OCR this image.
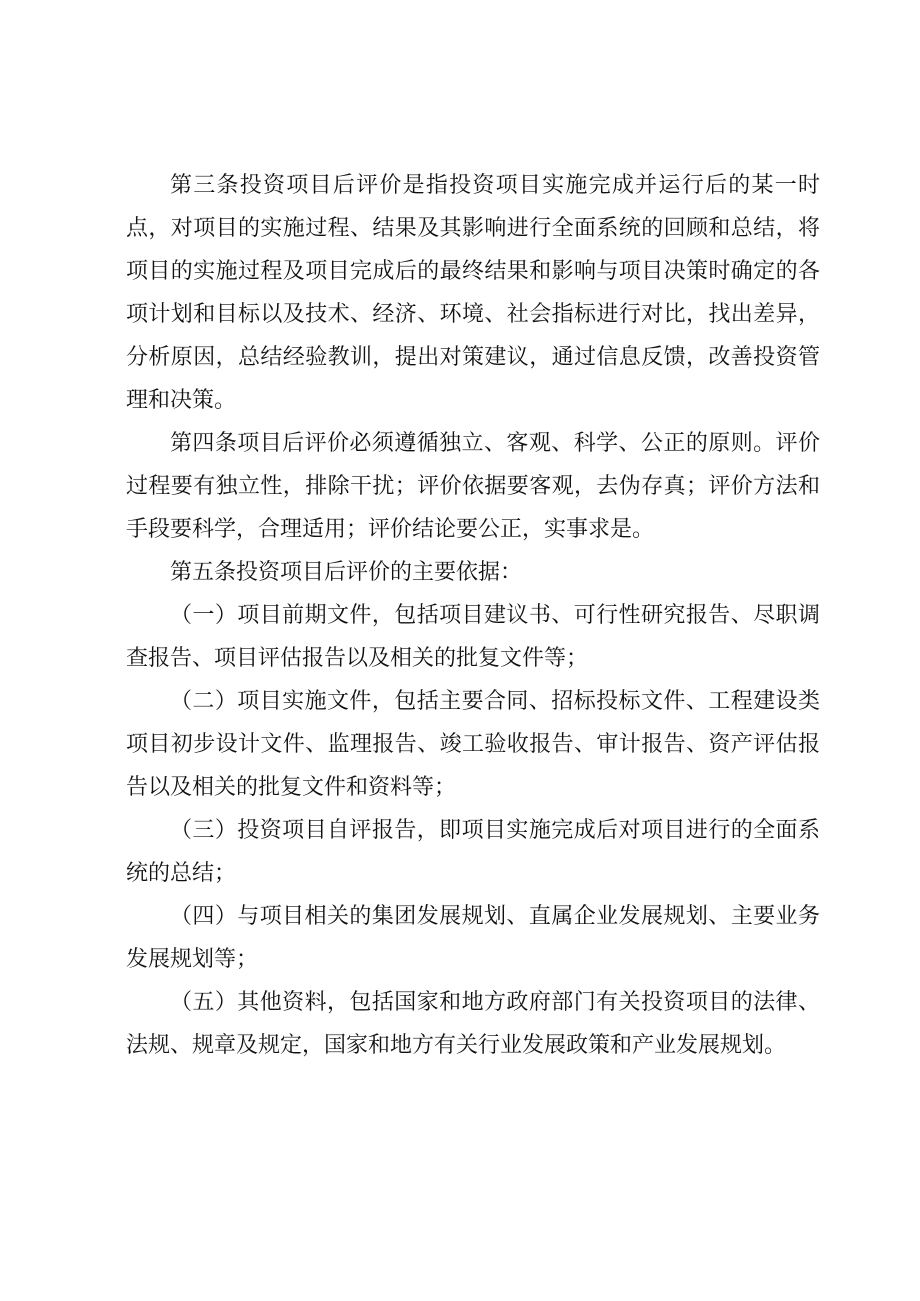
第三条投资项目后评价是指投资项目实施完成并运行后的某一时点，对项目的实施过程、结果及其影响进行全面系统的回顾和总结，将项目的实施过程及项目完成后的最终结果和影响与项目决策时确定的各项计划和目标以及技术、经济、环境、社会指标进行对比，找出差异，分析原因，总结经验教训，提出对策建议，通过信息反馈，改善投资管理和决策。

第四条项目后评价必须遵循独立、客观、科学、公正的原则。评价过程要有独立性，排除干扰；评价依据要客观，去伪存真；评价方法和手段要科学，合理适用；评价结论要公正，实事求是。

第五条投资项目后评价的主要依据：

（一）项目前期文件，包括项目建议书、可行性研究报告、尽职调查报告、项目评估报告以及相关的批复文件等；

（二）项目实施文件，包括主要合同、招标投标文件、工程建设类项目初步设计文件、监理报告、竣工验收报告、审计报告、资产评估报告以及相关的批复文件和资料等；

（三）投资项目自评报告，即项目实施完成后对项目进行的全面系统的总结；

（四）与项目相关的集团发展规划、直属企业发展规划、主要业务发展规划等；

（五）其他资料，包括国家和地方政府部门有关投资项目的法律、法规、规章及规定，国家和地方有关行业发展政策和产业发展规划。
